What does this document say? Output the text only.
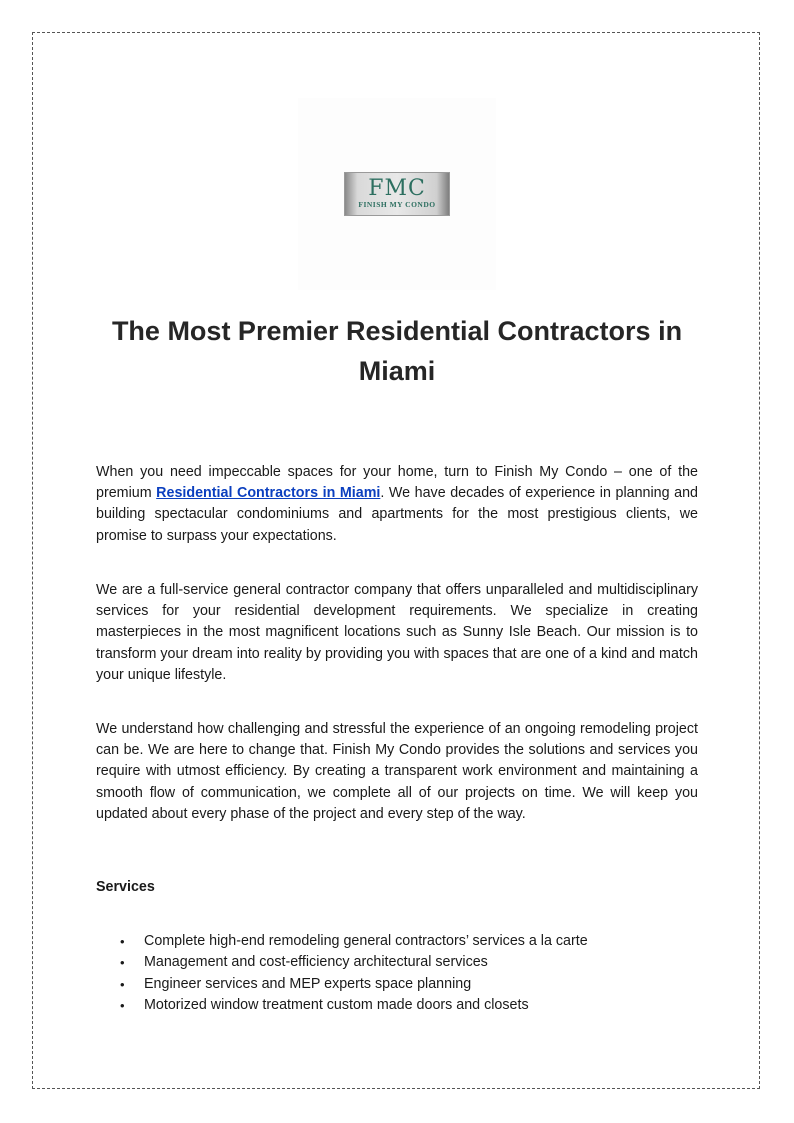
FMC
FINISH MY CONDO
The Most Premier Residential Contractors in Miami

When you need impeccable spaces for your home, turn to Finish My Condo – one of the premium Residential Contractors in Miami. We have decades of experience in planning and building spectacular condominiums and apartments for the most prestigious clients, we promise to surpass your expectations.

We are a full-service general contractor company that offers unparalleled and multidisciplinary services for your residential development requirements. We specialize in creating masterpieces in the most magnificent locations such as Sunny Isle Beach. Our mission is to transform your dream into reality by providing you with spaces that are one of a kind and match your unique lifestyle.

We understand how challenging and stressful the experience of an ongoing remodeling project can be. We are here to change that. Finish My Condo provides the solutions and services you require with utmost efficiency. By creating a transparent work environment and maintaining a smooth flow of communication, we complete all of our projects on time. We will keep you updated about every phase of the project and every step of the way.

Services
• Complete high-end remodeling general contractors’ services a la carte
• Management and cost-efficiency architectural services
• Engineer services and MEP experts space planning
• Motorized window treatment custom made doors and closets
